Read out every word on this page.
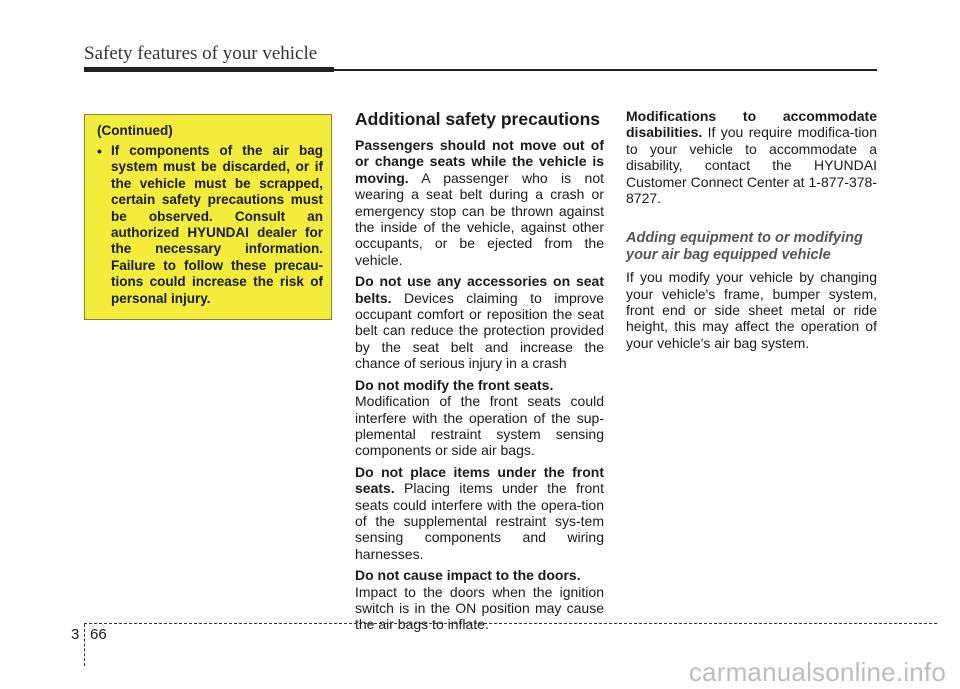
Safety features of your vehicle
(Continued)
• If components of the air bag system must be discarded, or if the vehicle must be scrapped, certain safety precautions must be observed. Consult an authorized HYUNDAI dealer for the necessary information. Failure to follow these precau-tions could increase the risk of personal injury.
Additional safety precautions

Passengers should not move out of or change seats while the vehicle is moving. A passenger who is not wearing a seat belt during a crash or emergency stop can be thrown against the inside of the vehicle, against other occupants, or be ejected from the vehicle.

Do not use any accessories on seat belts. Devices claiming to improve occupant comfort or reposition the seat belt can reduce the protection provided by the seat belt and increase the chance of serious injury in a crash

Do not modify the front seats.
Modification of the front seats could interfere with the operation of the sup-plemental restraint system sensing components or side air bags.

Do not place items under the front seats. Placing items under the front seats could interfere with the opera-tion of the supplemental restraint sys-tem sensing components and wiring harnesses.

Do not cause impact to the doors.
Impact to the doors when the ignition switch is in the ON position may cause the air bags to inflate.

Modifications to accommodate disabilities. If you require modifica-tion to your vehicle to accommodate a disability, contact the HYUNDAI Customer Connect Center at 1-877-378-8727.

Adding equipment to or modifying your air bag equipped vehicle

If you modify your vehicle by changing your vehicle's frame, bumper system, front end or side sheet metal or ride height, this may affect the operation of your vehicle's air bag system.

3 66
carmanualsonline.info
